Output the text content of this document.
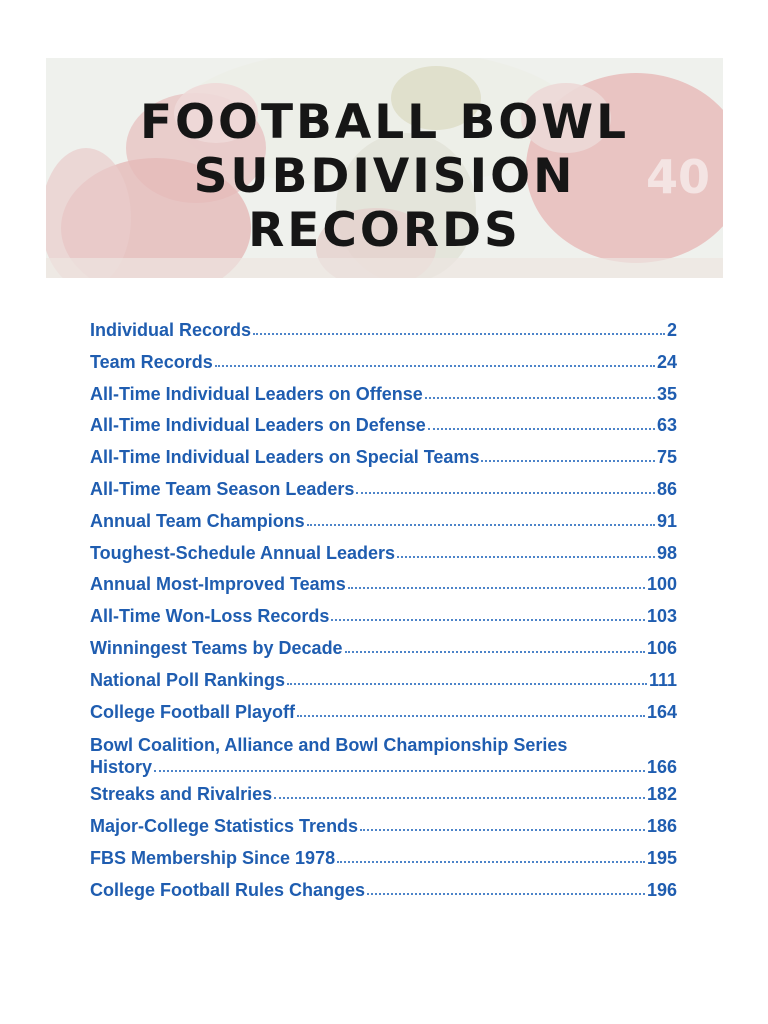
40
FOOTBALL BOWL
SUBDIVISION
RECORDS
Individual Records	2
Team Records	24
All-Time Individual Leaders on Offense	35
All-Time Individual Leaders on Defense	63
All-Time Individual Leaders on Special Teams	75
All-Time Team Season Leaders	86
Annual Team Champions	91
Toughest-Schedule Annual Leaders	98
Annual Most-Improved Teams	100
All-Time Won-Loss Records	103
Winningest Teams by Decade	106
National Poll Rankings	111
College Football Playoff	164
Bowl Coalition, Alliance and Bowl Championship Series
History	166
Streaks and Rivalries	182
Major-College Statistics Trends	186
FBS Membership Since 1978	195
College Football Rules Changes	196
